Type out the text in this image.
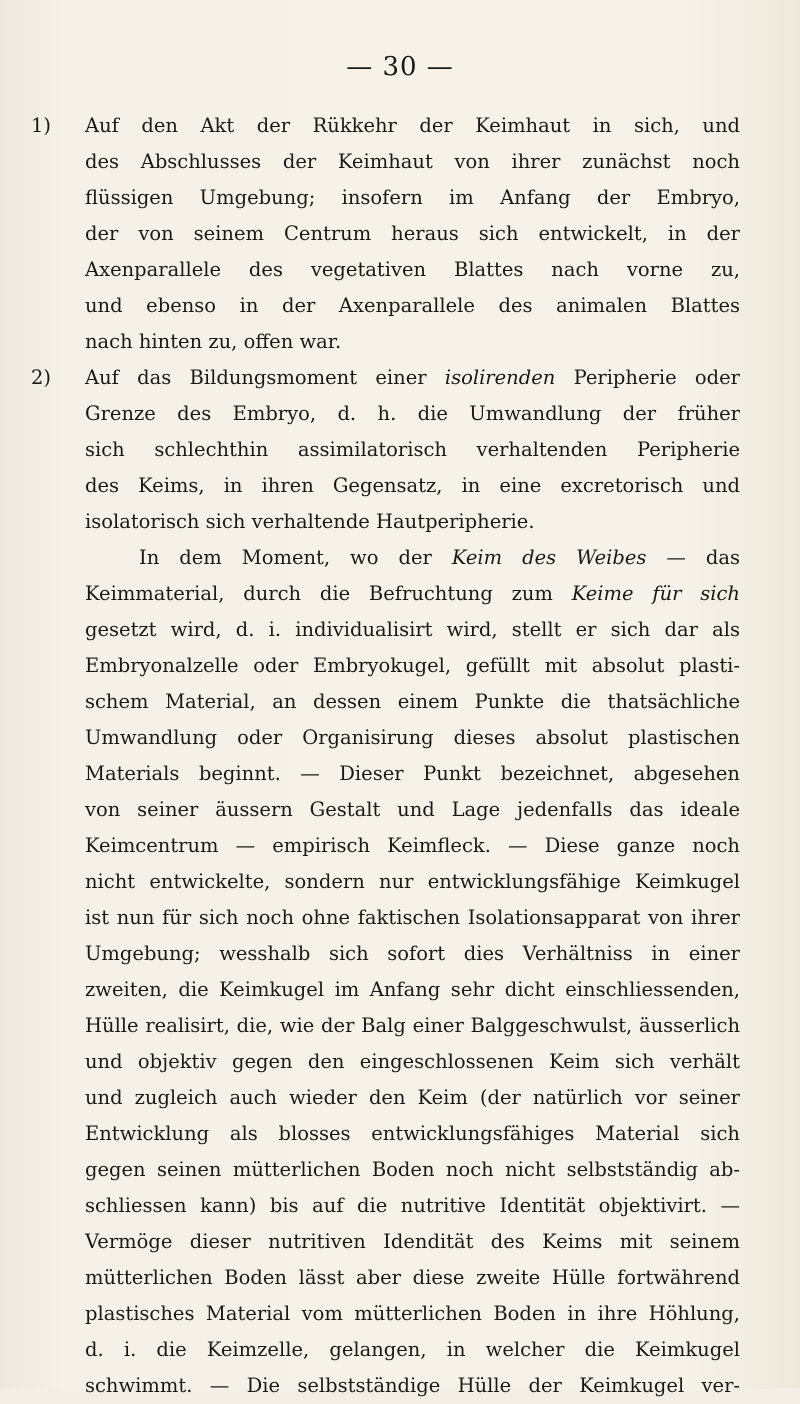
— 30 —
1) Auf den Akt der Rükkehr der Keimhaut in sich, und
des Abschlusses der Keimhaut von ihrer zunächst noch
flüssigen Umgebung; insofern im Anfang der Embryo,
der von seinem Centrum heraus sich entwickelt, in der
Axenparallele des vegetativen Blattes nach vorne zu,
und ebenso in der Axenparallele des animalen Blattes
nach hinten zu, offen war.
2) Auf das Bildungsmoment einer isolirenden Peripherie oder
Grenze des Embryo, d. h. die Umwandlung der früher
sich schlechthin assimilatorisch verhaltenden Peripherie
des Keims, in ihren Gegensatz, in eine excretorisch und
isolatorisch sich verhaltende Hautperipherie.
In dem Moment, wo der Keim des Weibes — das
Keimmaterial, durch die Befruchtung zum Keime für sich
gesetzt wird, d. i. individualisirt wird, stellt er sich dar als
Embryonalzelle oder Embryokugel, gefüllt mit absolut plasti-
schem Material, an dessen einem Punkte die thatsächliche
Umwandlung oder Organisirung dieses absolut plastischen
Materials beginnt. — Dieser Punkt bezeichnet, abgesehen
von seiner äussern Gestalt und Lage jedenfalls das ideale
Keimcentrum — empirisch Keimfleck. — Diese ganze noch
nicht entwickelte, sondern nur entwicklungsfähige Keimkugel
ist nun für sich noch ohne faktischen Isolationsapparat von ihrer
Umgebung; wesshalb sich sofort dies Verhältniss in einer
zweiten, die Keimkugel im Anfang sehr dicht einschliessenden,
Hülle realisirt, die, wie der Balg einer Balggeschwulst, äusserlich
und objektiv gegen den eingeschlossenen Keim sich verhält
und zugleich auch wieder den Keim (der natürlich vor seiner
Entwicklung als blosses entwicklungsfähiges Material sich
gegen seinen mütterlichen Boden noch nicht selbstständig ab-
schliessen kann) bis auf die nutritive Identität objektivirt. —
Vermöge dieser nutritiven Idendität des Keims mit seinem
mütterlichen Boden lässt aber diese zweite Hülle fortwährend
plastisches Material vom mütterlichen Boden in ihre Höhlung,
d. i. die Keimzelle, gelangen, in welcher die Keimkugel
schwimmt. — Die selbstständige Hülle der Keimkugel ver-
